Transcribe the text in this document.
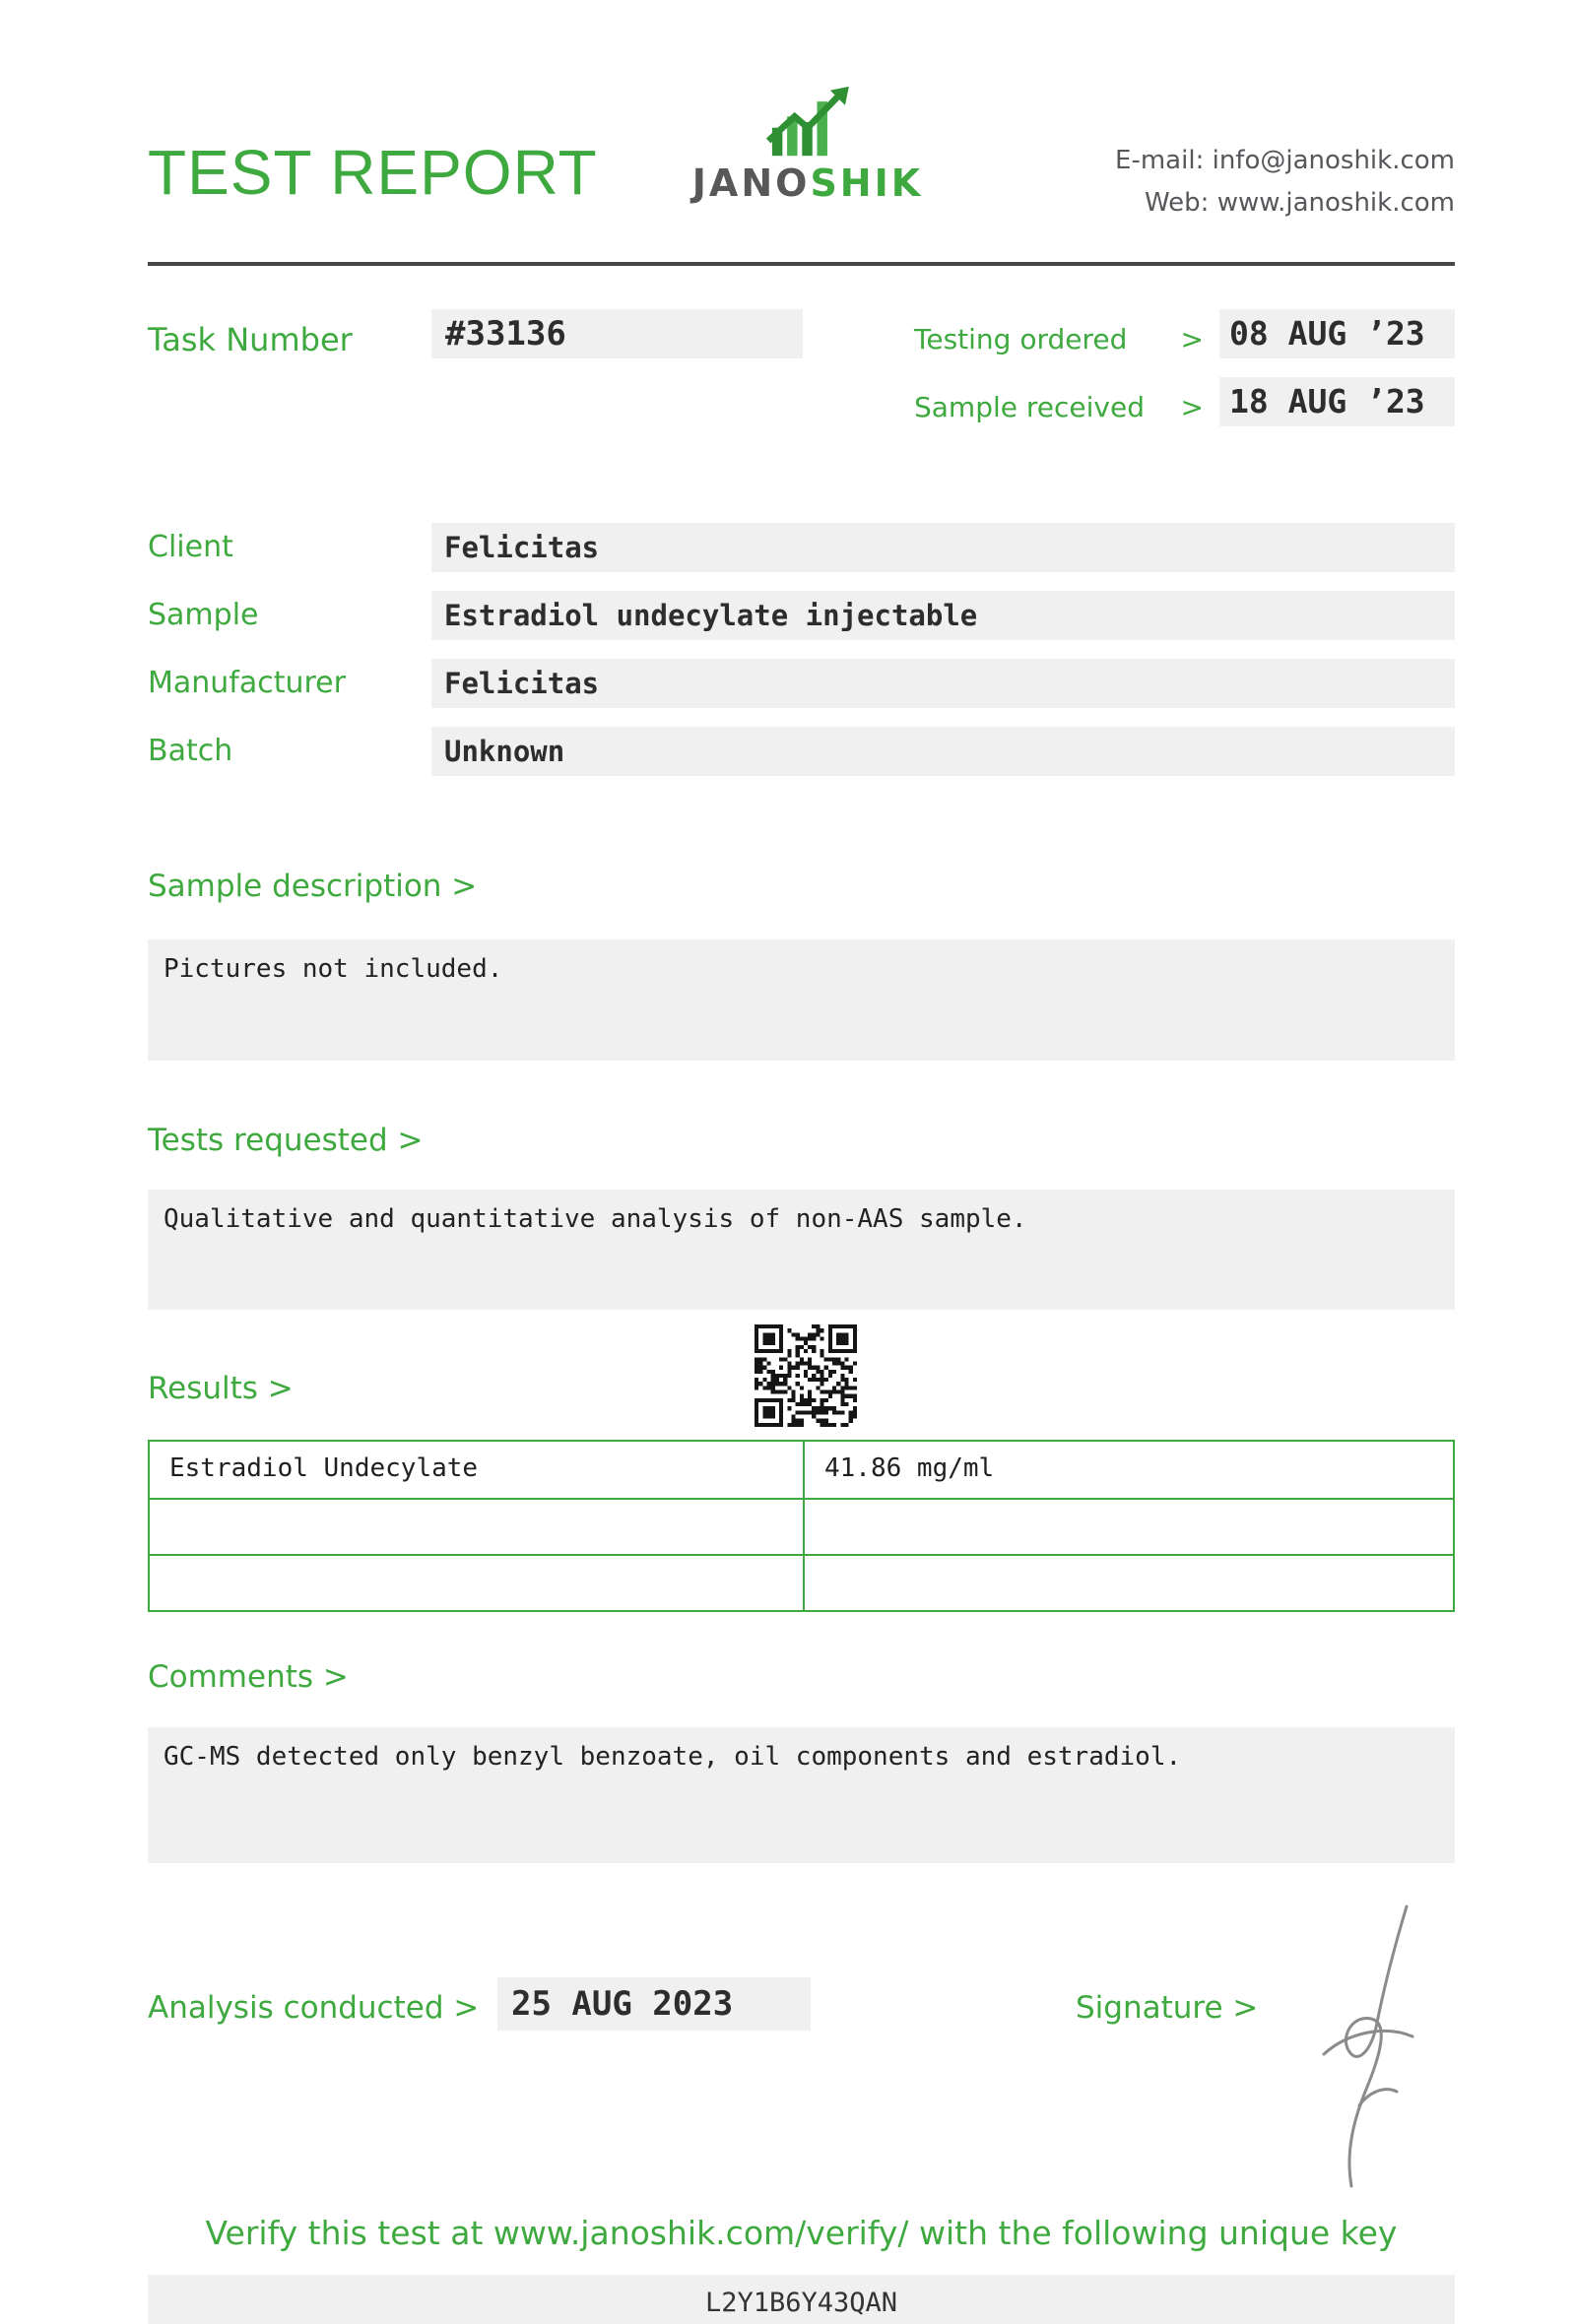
TEST REPORT	JANOSHIK
E-mail: info@janoshik.com
Web: www.janoshik.com
Task Number	#33136	Testing ordered > 08 AUG ’23
Sample received > 18 AUG ’23
Client	Felicitas
Sample	Estradiol undecylate injectable
Manufacturer	Felicitas
Batch	Unknown
Sample description >
Pictures not included.
Tests requested >
Qualitative and quantitative analysis of non-AAS sample.
Results >
Estradiol Undecylate	41.86 mg/ml
Comments >
GC-MS detected only benzyl benzoate, oil components and estradiol.
Analysis conducted > 25 AUG 2023	Signature >
Verify this test at www.janoshik.com/verify/ with the following unique key
L2Y1B6Y43QAN
